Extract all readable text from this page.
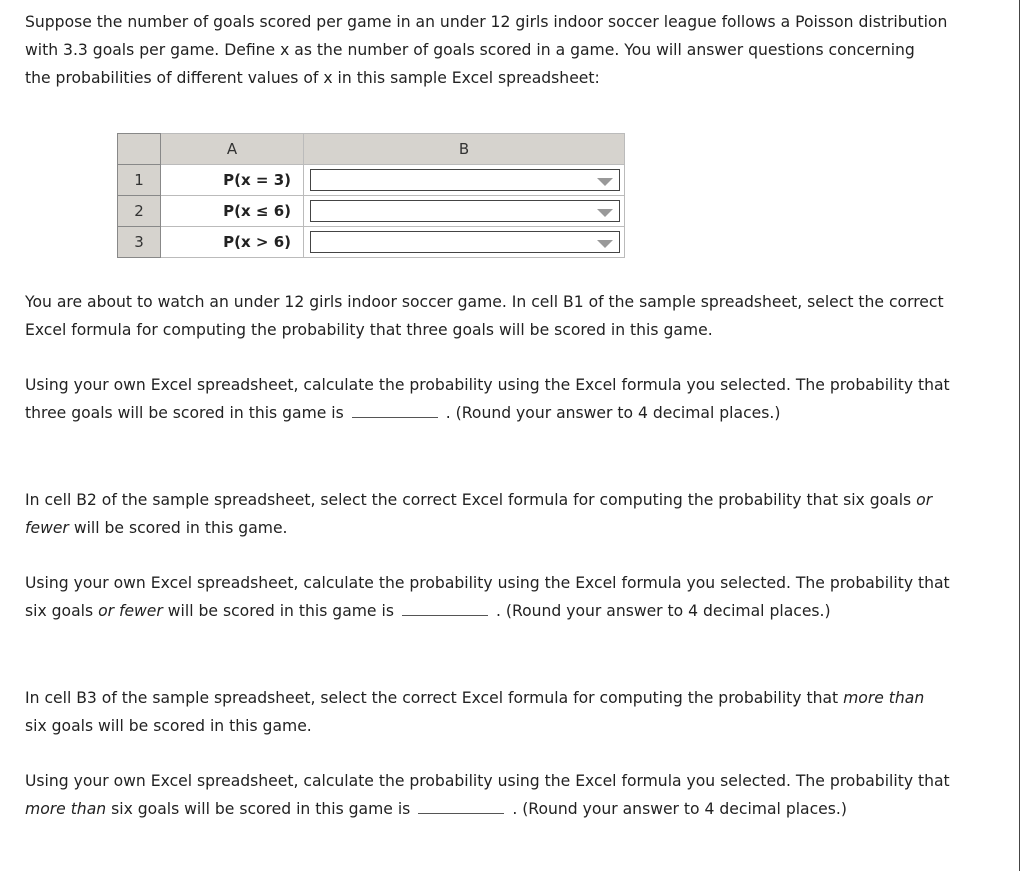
Suppose the number of goals scored per game in an under 12 girls indoor soccer league follows a Poisson distribution
with 3.3 goals per game. Define x as the number of goals scored in a game. You will answer questions concerning
the probabilities of different values of x in this sample Excel spreadsheet:
	A	B
1	P(x = 3)	

2	P(x ≤ 6)	

3	P(x > 6)	
You are about to watch an under 12 girls indoor soccer game. In cell B1 of the sample spreadsheet, select the correct
Excel formula for computing the probability that three goals will be scored in this game.
Using your own Excel spreadsheet, calculate the probability using the Excel formula you selected. The probability that
three goals will be scored in this game is	. (Round your answer to 4 decimal places.)
In cell B2 of the sample spreadsheet, select the correct Excel formula for computing the probability that six goals or
fewer will be scored in this game.
Using your own Excel spreadsheet, calculate the probability using the Excel formula you selected. The probability that
six goals or fewer will be scored in this game is	. (Round your answer to 4 decimal places.)
In cell B3 of the sample spreadsheet, select the correct Excel formula for computing the probability that more than
six goals will be scored in this game.
Using your own Excel spreadsheet, calculate the probability using the Excel formula you selected. The probability that
more than six goals will be scored in this game is	. (Round your answer to 4 decimal places.)
